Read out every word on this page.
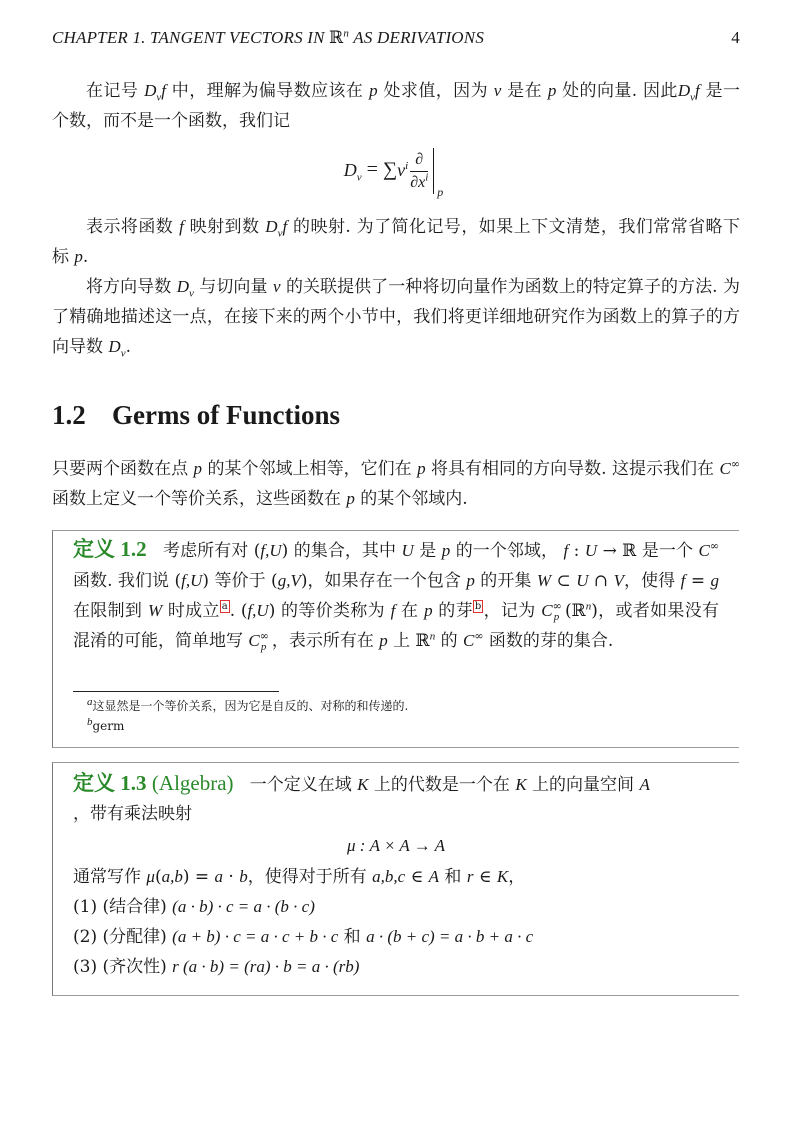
CHAPTER 1. TANGENT VECTORS IN ℝ$^n$ AS DERIVATIONS	4

在记号 $D_vf$ 中，理解为偏导数应该在 p 处求值，因为 v 是在 p 处的向量. 因此$D_vf$ 是一个数，而不是一个函数，我们记

$D_v = \sum v^i \frac{\partial}{\partial x^i}$ p

表示将函数 f 映射到数 $D_vf$ 的映射. 为了简化记号，如果上下文清楚，我们常常省略下标 p.

将方向导数 $D_v$ 与切向量 v 的关联提供了一种将切向量作为函数上的特定算子的方法. 为了精确地描述这一点，在接下来的两个小节中，我们将更详细地研究作为函数上的算子的方向导数 $D_v$.

1.2 Germs of Functions

只要两个函数在点 p 的某个邻域上相等，它们在 p 将具有相同的方向导数. 这提示我们在 C∞ 函数上定义一个等价关系，这些函数在 p 的某个邻域内.

定义 1.2 考虑所有对 (f,U) 的集合，其中 U 是 p 的一个邻域， f : U → ℝ 是一个 C∞ 函数. 我们说 (f,U) 等价于 (g,V)，如果存在一个包含 p 的开集 W ⊂ U ∩ V，使得 f = g 在限制到 W 时成立 $^a$ . (f,U) 的等价类称为 f 在 p 的芽 $^b$ ，记为 $C^\infty_p$ (ℝ$^n$)，或者如果没有混淆的可能，简单地写 $C^\infty_p$ ，表示所有在 p 上 ℝ$^n$ 的 C∞ 函数的芽的集合.
$^a$这显然是一个等价关系，因为它是自反的、对称的和传递的.
$^b$germ
定义 1.3 (Algebra) 一个定义在域 K 上的代数是一个在 K 上的向量空间 A
，带有乘法映射
μ : A × A → A
通常写作 μ(a,b) = a · b，使得对于所有 a,b,c ∈ A 和 r ∈ K，
(1) (结合律) (a · b) · c = a · (b · c)
(2) (分配律) (a + b) · c = a · c + b · c 和 a · (b + c) = a · b + a · c
(3) (齐次性) r (a · b) = (ra) · b = a · (rb)
